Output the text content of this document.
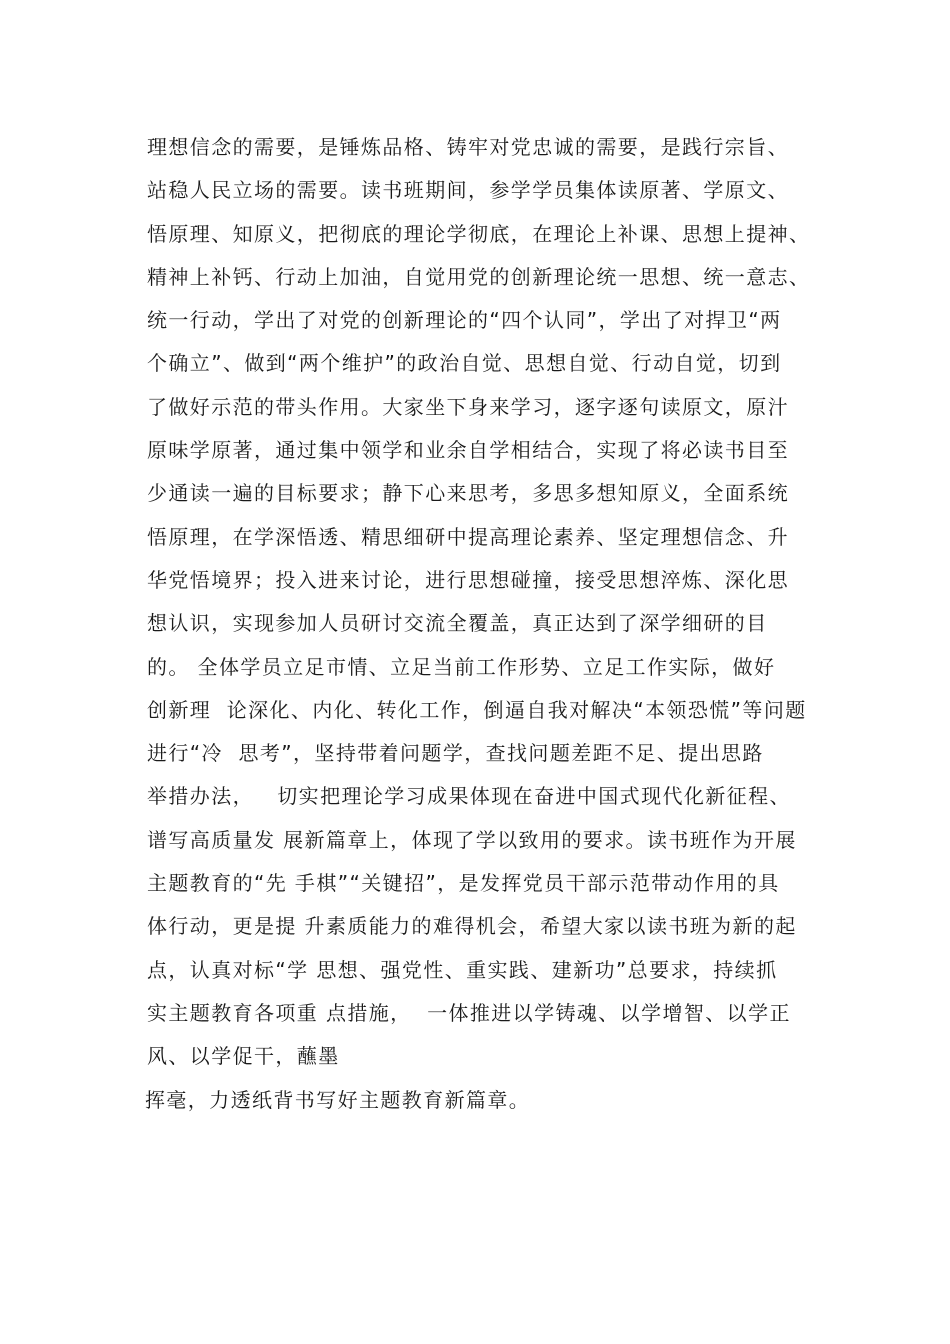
理想信念的需要，是锤炼品格、铸牢对党忠诚的需要，是践行宗旨、

站稳人民立场的需要。读书班期间，参学学员集体读原著、学原文、

悟原理、知原义，把彻底的理论学彻底，在理论上补课、思想上提神、

精神上补钙、行动上加油，自觉用党的创新理论统一思想、统一意志、

统一行动，学出了对党的创新理论的“四个认同”，学出了对捍卫“两

个确立”、做到“两个维护”的政治自觉、思想自觉、行动自觉，切到

了做好示范的带头作用。大家坐下身来学习，逐字逐句读原文，原汁

原味学原著，通过集中领学和业余自学相结合，实现了将必读书目至

少通读一遍的目标要求；静下心来思考，多思多想知原义，全面系统

悟原理，在学深悟透、精思细研中提高理论素养、坚定理想信念、升

华党悟境界；投入进来讨论，进行思想碰撞，接受思想淬炼、深化思

想认识，实现参加人员研讨交流全覆盖，真正达到了深学细研的目

的。 全体学员立足市情、立足当前工作形势、立足工作实际，做好

创新理  论深化、内化、转化工作，倒逼自我对解决“本领恐慌”等问题

进行“冷  思考”，坚持带着问题学，查找问题差距不足、提出思路

举措办法，   切实把理论学习成果体现在奋进中国式现代化新征程、

谱写高质量发 展新篇章上，体现了学以致用的要求。读书班作为开展

主题教育的“先 手棋”“关键招”，是发挥党员干部示范带动作用的具

体行动，更是提 升素质能力的难得机会，希望大家以读书班为新的起

点，认真对标“学 思想、强党性、重实践、建新功”总要求，持续抓

实主题教育各项重 点措施，  一体推进以学铸魂、以学增智、以学正

风、以学促干，蘸墨

挥毫，力透纸背书写好主题教育新篇章。
